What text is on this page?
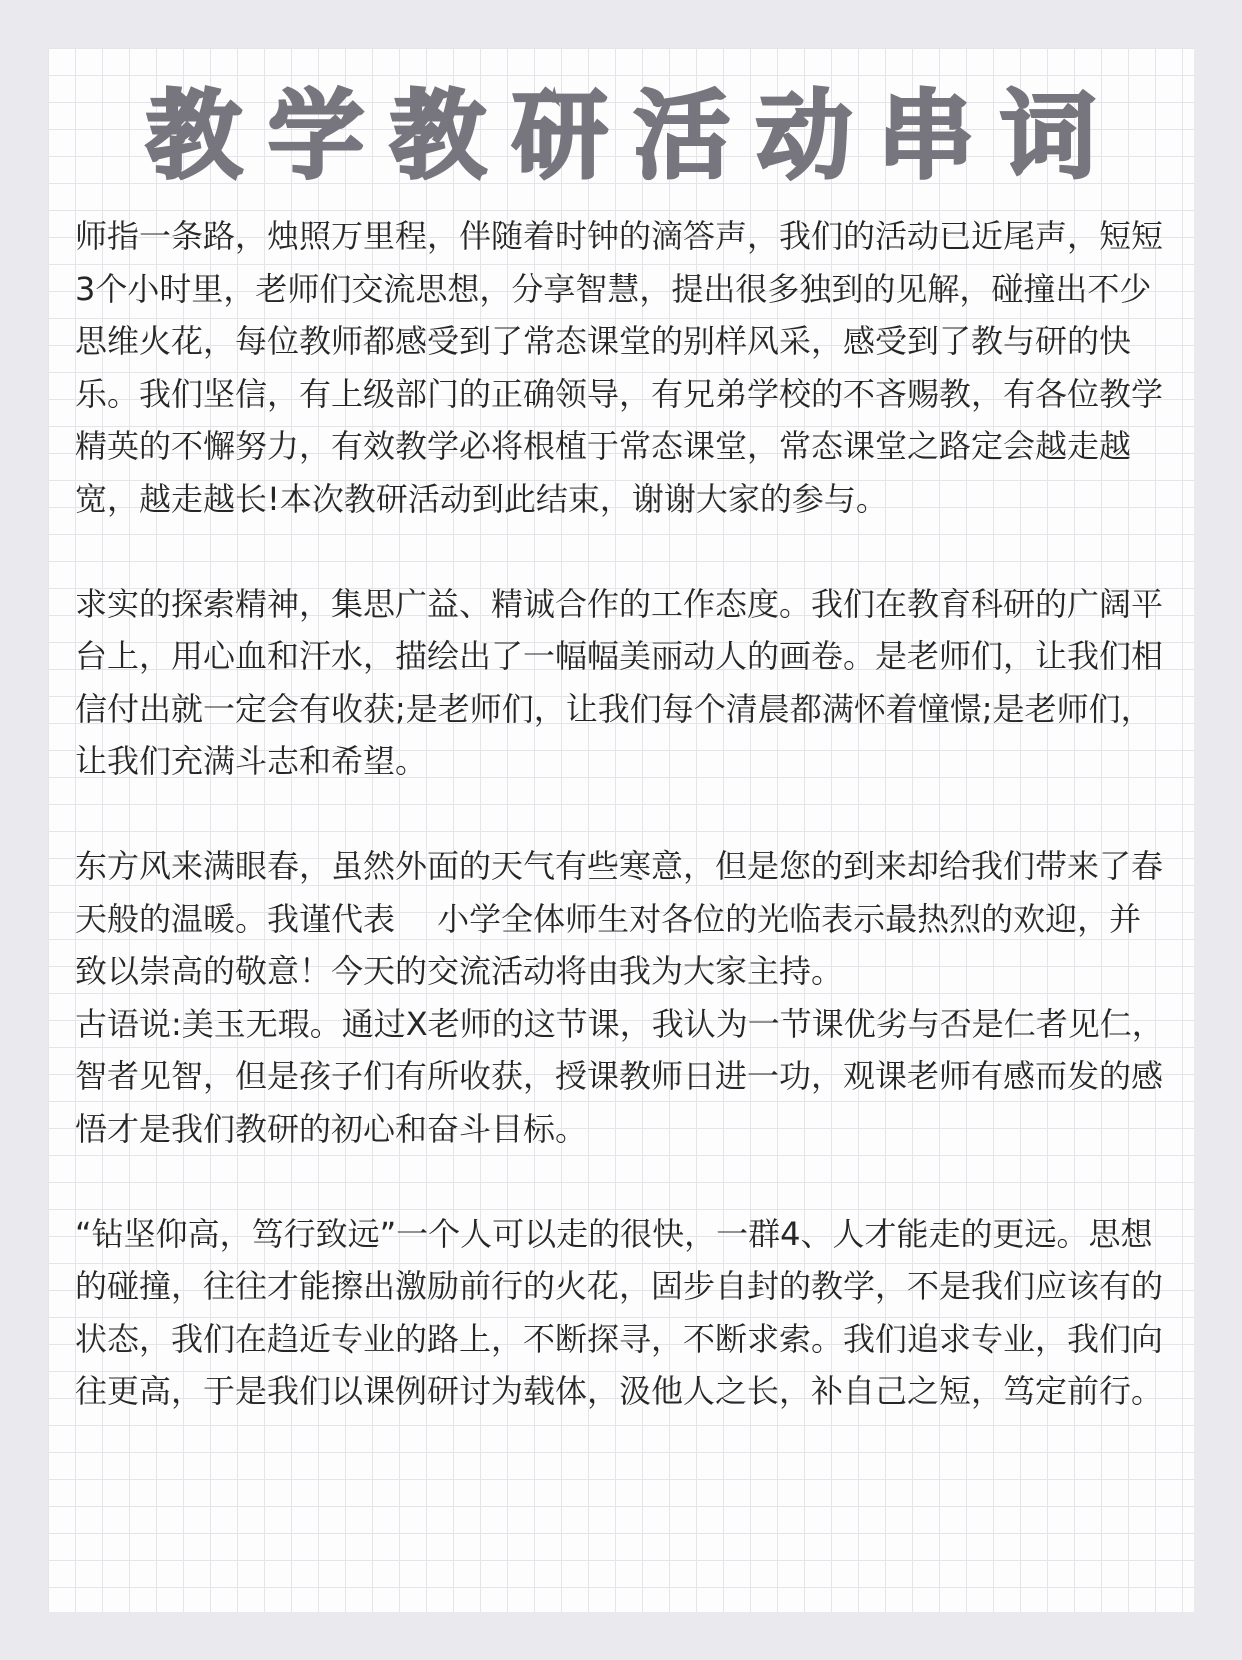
教学教研活动串词

师指一条路，烛照万里程，伴随着时钟的滴答声，我们的活动已近尾声，短短3个小时里，老师们交流思想，分享智慧，提出很多独到的见解，碰撞出不少思维火花，每位教师都感受到了常态课堂的别样风采，感受到了教与研的快乐。我们坚信，有上级部门的正确领导，有兄弟学校的不吝赐教，有各位教学精英的不懈努力，有效教学必将根植于常态课堂，常态课堂之路定会越走越宽，越走越长!本次教研活动到此结束，谢谢大家的参与。

求实的探索精神，集思广益、精诚合作的工作态度。我们在教育科研的广阔平台上，用心血和汗水，描绘出了一幅幅美丽动人的画卷。是老师们，让我们相信付出就一定会有收获;是老师们，让我们每个清晨都满怀着憧憬;是老师们，让我们充满斗志和希望。

东方风来满眼春，虽然外面的天气有些寒意，但是您的到来却给我们带来了春天般的温暖。我谨代表　 小学全体师生对各位的光临表示最热烈的欢迎，并致以崇高的敬意！今天的交流活动将由我为大家主持。

古语说:美玉无瑕。通过X老师的这节课，我认为一节课优劣与否是仁者见仁，智者见智，但是孩子们有所收获，授课教师日进一功，观课老师有感而发的感悟才是我们教研的初心和奋斗目标。

“钻坚仰高，笃行致远”一个人可以走的很快，一群4、人才能走的更远。思想的碰撞，往往才能擦出激励前行的火花，固步自封的教学，不是我们应该有的状态，我们在趋近专业的路上，不断探寻，不断求索。我们追求专业，我们向往更高，于是我们以课例研讨为载体，汲他人之长，补自己之短，笃定前行。
